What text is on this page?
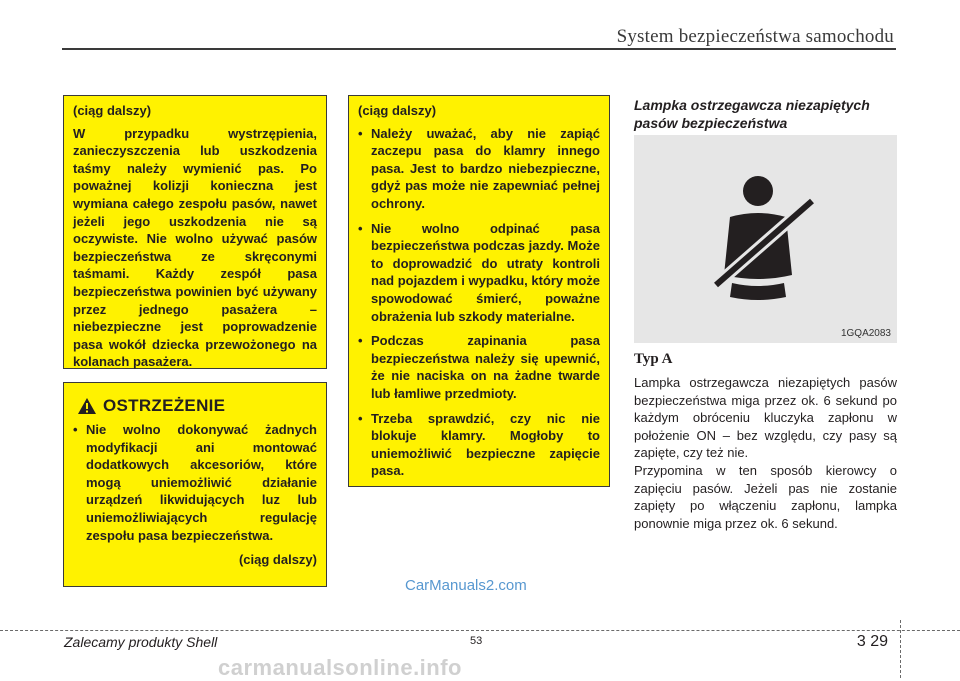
System bezpieczeństwa samochodu
(ciąg dalszy)

W przypadku wystrzępienia, zanieczyszczenia lub uszkodzenia taśmy należy wymienić pas. Po poważnej kolizji konieczna jest wymiana całego zespołu pasów, nawet jeżeli jego uszkodzenia nie są oczywiste. Nie wolno używać pasów bezpieczeństwa ze skręconymi taśmami. Każdy zespół pasa bezpieczeństwa powinien być używany przez jednego pasażera – niebezpieczne jest poprowadzenie pasa wokół dziecka przewożonego na kolanach pasażera.

OSTRZEŻENIE
• Nie wolno dokonywać żadnych modyfikacji ani montować dodatkowych akcesoriów, które mogą uniemożliwić działanie urządzeń likwidujących luz lub uniemożliwiających regulację zespołu pasa bezpieczeństwa.
(ciąg dalszy)
(ciąg dalszy)
• Należy uważać, aby nie zapiąć zaczepu pasa do klamry innego pasa. Jest to bardzo niebezpieczne, gdyż pas może nie zapewniać pełnej ochrony.
• Nie wolno odpinać pasa bezpieczeństwa podczas jazdy. Może to doprowadzić do utraty kontroli nad pojazdem i wypadku, który może spowodować śmierć, poważne obrażenia lub szkody materialne.
• Podczas zapinania pasa bezpieczeństwa należy się upewnić, że nie naciska on na żadne twarde lub łamliwe przedmioty.
• Trzeba sprawdzić, czy nic nie blokuje klamry. Mogłoby to uniemożliwić bezpieczne zapięcie pasa.
Lampka ostrzegawcza niezapiętych pasów bezpieczeństwa
1GQA2083
Typ A
Lampka ostrzegawcza niezapiętych pasów bezpieczeństwa miga przez ok. 6 sekund po każdym obróceniu kluczyka zapłonu w położenie ON – bez względu, czy pasy są zapięte, czy też nie.
Przypomina w ten sposób kierowcy o zapięciu pasów. Jeżeli pas nie zostanie zapięty po włączeniu zapłonu, lampka ponownie miga przez ok. 6 sekund.
CarManuals2.com
Zalecamy produkty Shell	53	3 29
carmanualsonline.info
